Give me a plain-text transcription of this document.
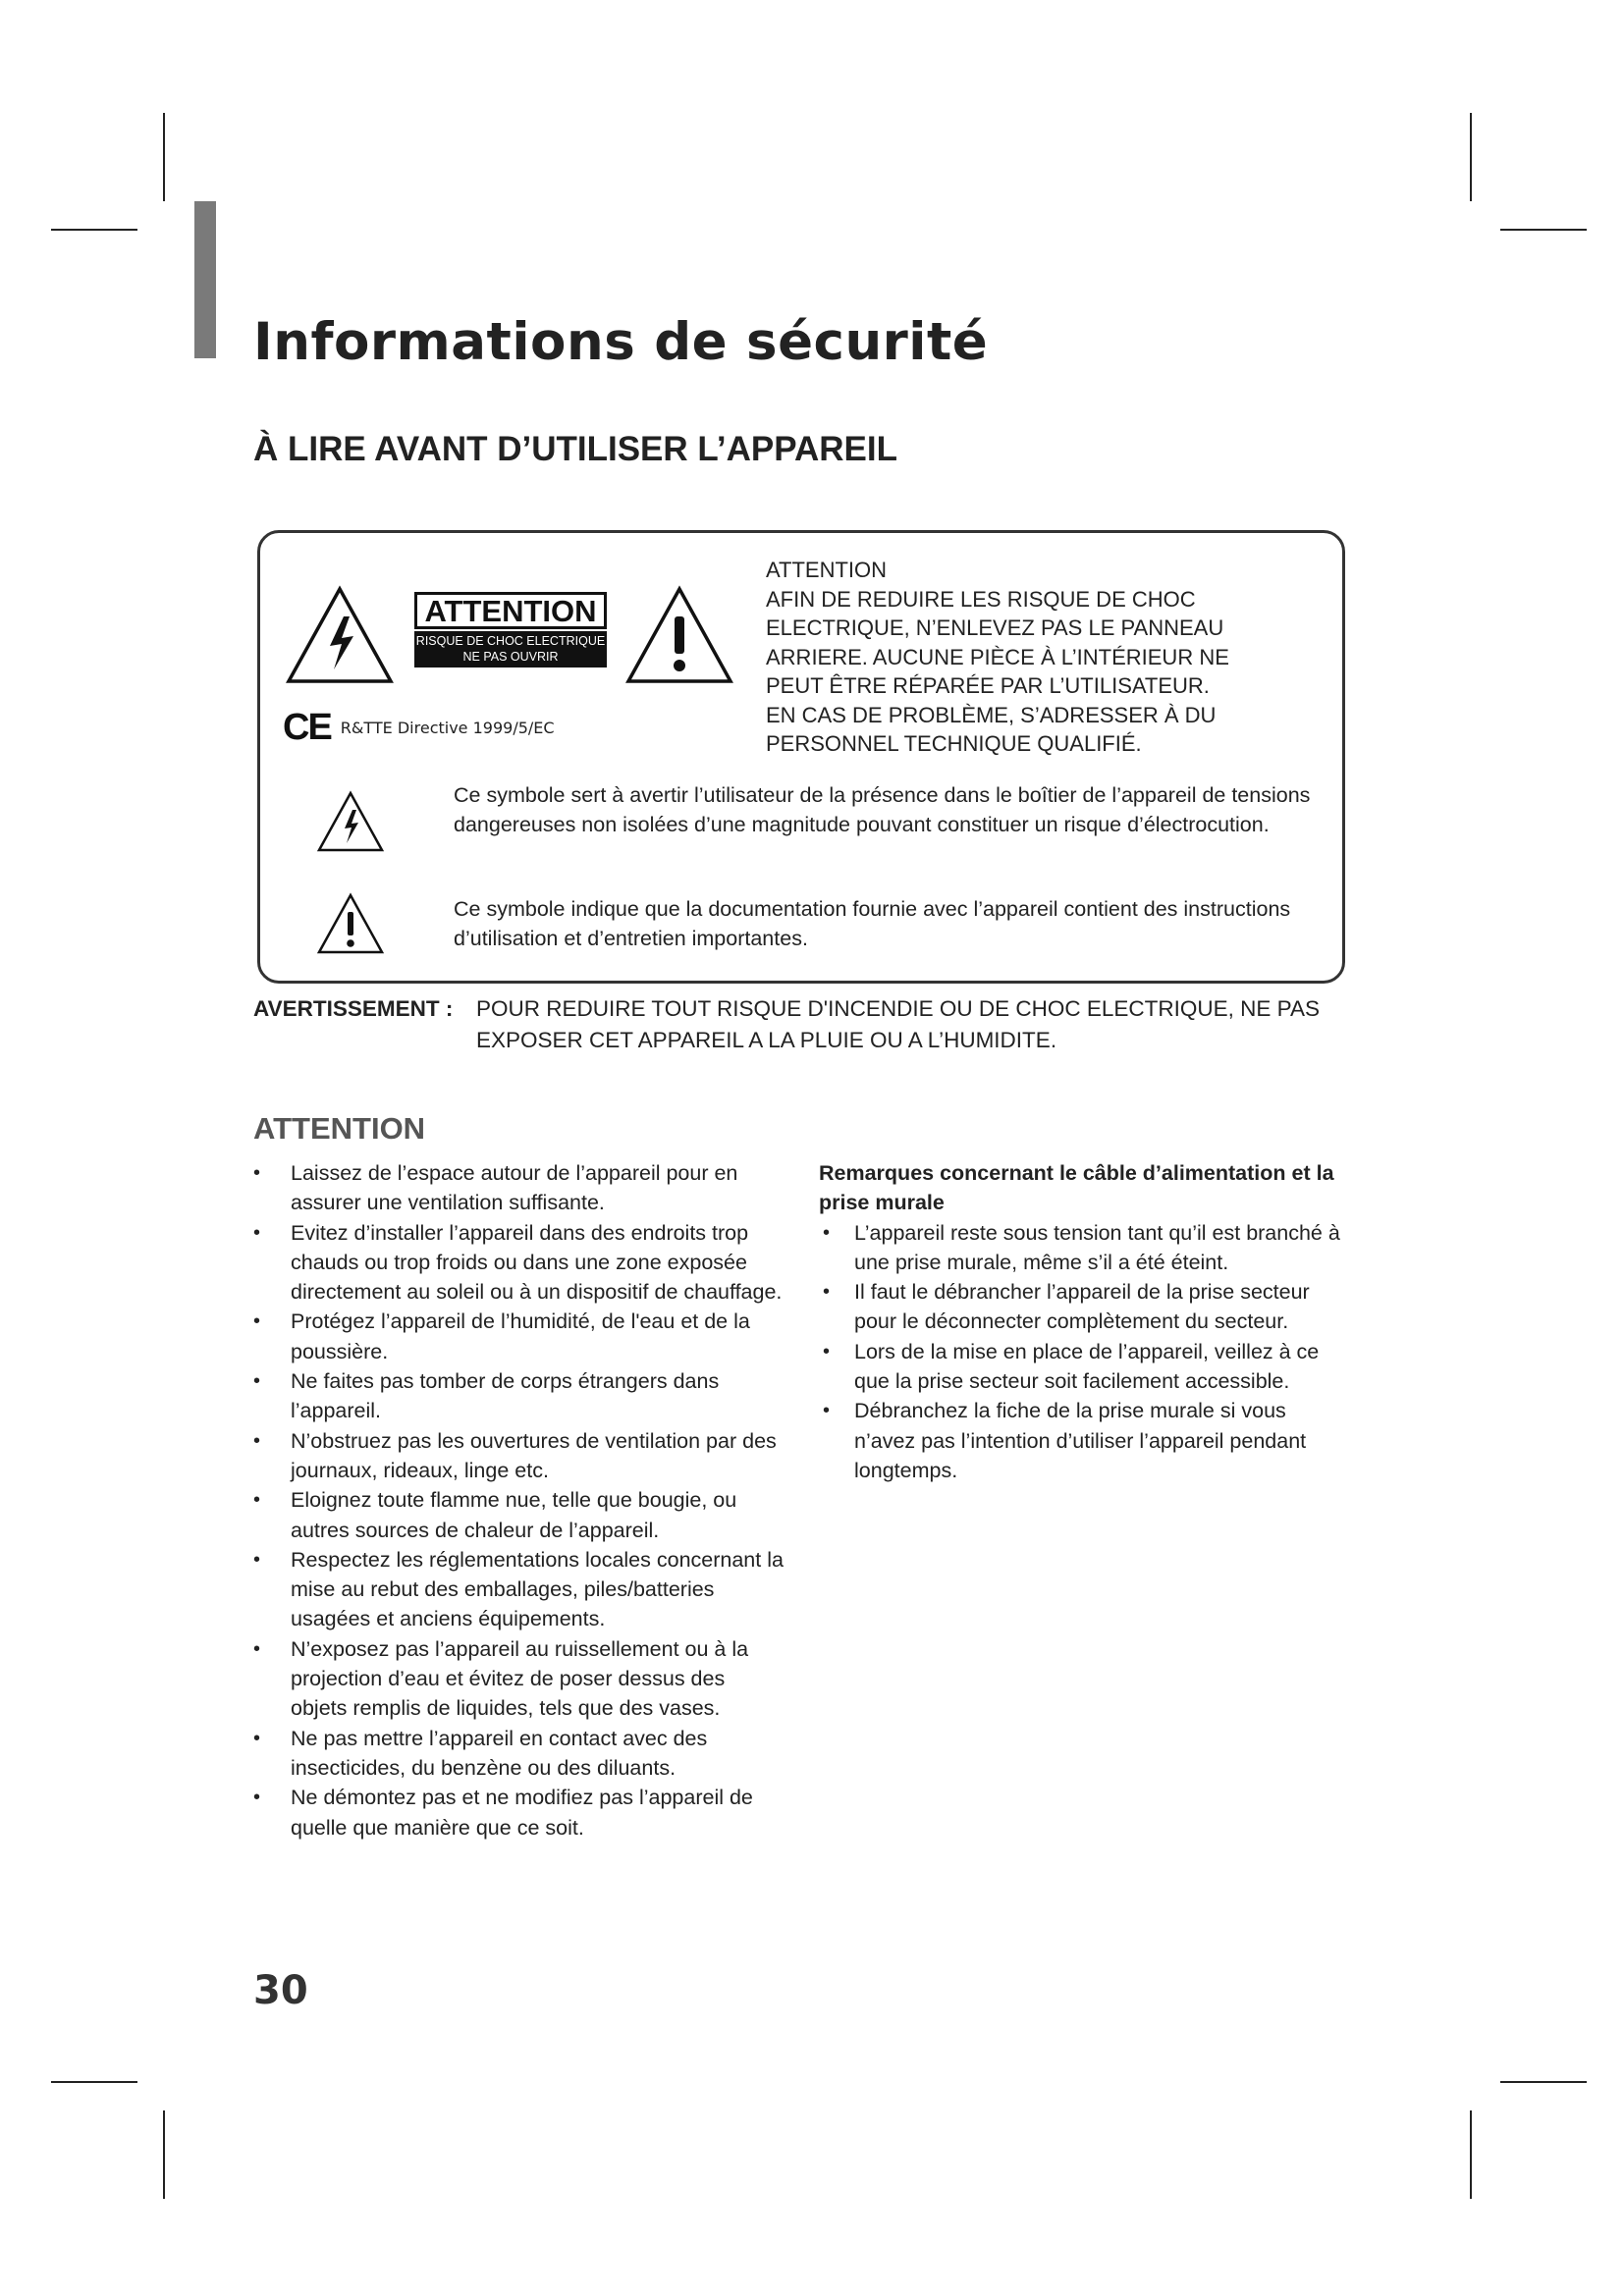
Informations de sécurité
À LIRE AVANT D’UTILISER L’APPAREIL
ATTENTION
RISQUE DE CHOC ELECTRIQUE
NE PAS OUVRIR
CE R&TTE Directive 1999/5/EC
ATTENTION
AFIN DE REDUIRE LES RISQUE DE CHOC
ELECTRIQUE, N’ENLEVEZ PAS LE PANNEAU
ARRIERE. AUCUNE PIÈCE À L’INTÉRIEUR NE
PEUT ÊTRE RÉPARÉE PAR L’UTILISATEUR.
EN CAS DE PROBLÈME, S’ADRESSER À DU
PERSONNEL TECHNIQUE QUALIFIÉ.
Ce symbole sert à avertir l’utilisateur de la présence dans le boîtier de l’appareil de tensions dangereuses non isolées d’une magnitude pouvant constituer un risque d’électrocution.
Ce symbole indique que la documentation fournie avec l’appareil contient des instructions d’utilisation et d’entretien importantes.
AVERTISSEMENT : POUR REDUIRE TOUT RISQUE D'INCENDIE OU DE CHOC ELECTRIQUE, NE PAS EXPOSER CET APPAREIL A LA PLUIE OU A L’HUMIDITE.
ATTENTION
• Laissez de l’espace autour de l’appareil pour en assurer une ventilation suffisante.
• Evitez d’installer l’appareil dans des endroits trop chauds ou trop froids ou dans une zone exposée directement au soleil ou à un dispositif de chauffage.
• Protégez l’appareil de l’humidité, de l'eau et de la poussière.
• Ne faites pas tomber de corps étrangers dans l’appareil.
• N’obstruez pas les ouvertures de ventilation par des journaux, rideaux, linge etc.
• Eloignez toute flamme nue, telle que bougie, ou autres sources de chaleur de l’appareil.
• Respectez les réglementations locales concernant la mise au rebut des emballages, piles/batteries usagées et anciens équipements.
• N’exposez pas l’appareil au ruissellement ou à la projection d’eau et évitez de poser dessus des objets remplis de liquides, tels que des vases.
• Ne pas mettre l’appareil en contact avec des insecticides, du benzène ou des diluants.
• Ne démontez pas et ne modifiez pas l’appareil de quelle que manière que ce soit.
Remarques concernant le câble d’alimentation et la prise murale
• L’appareil reste sous tension tant qu’il est branché à une prise murale, même s’il a été éteint.
• Il faut le débrancher l’appareil de la prise secteur pour le déconnecter complètement du secteur.
• Lors de la mise en place de l’appareil, veillez à ce que la prise secteur soit facilement accessible.
• Débranchez la fiche de la prise murale si vous n’avez pas l’intention d’utiliser l’appareil pendant longtemps.
30
